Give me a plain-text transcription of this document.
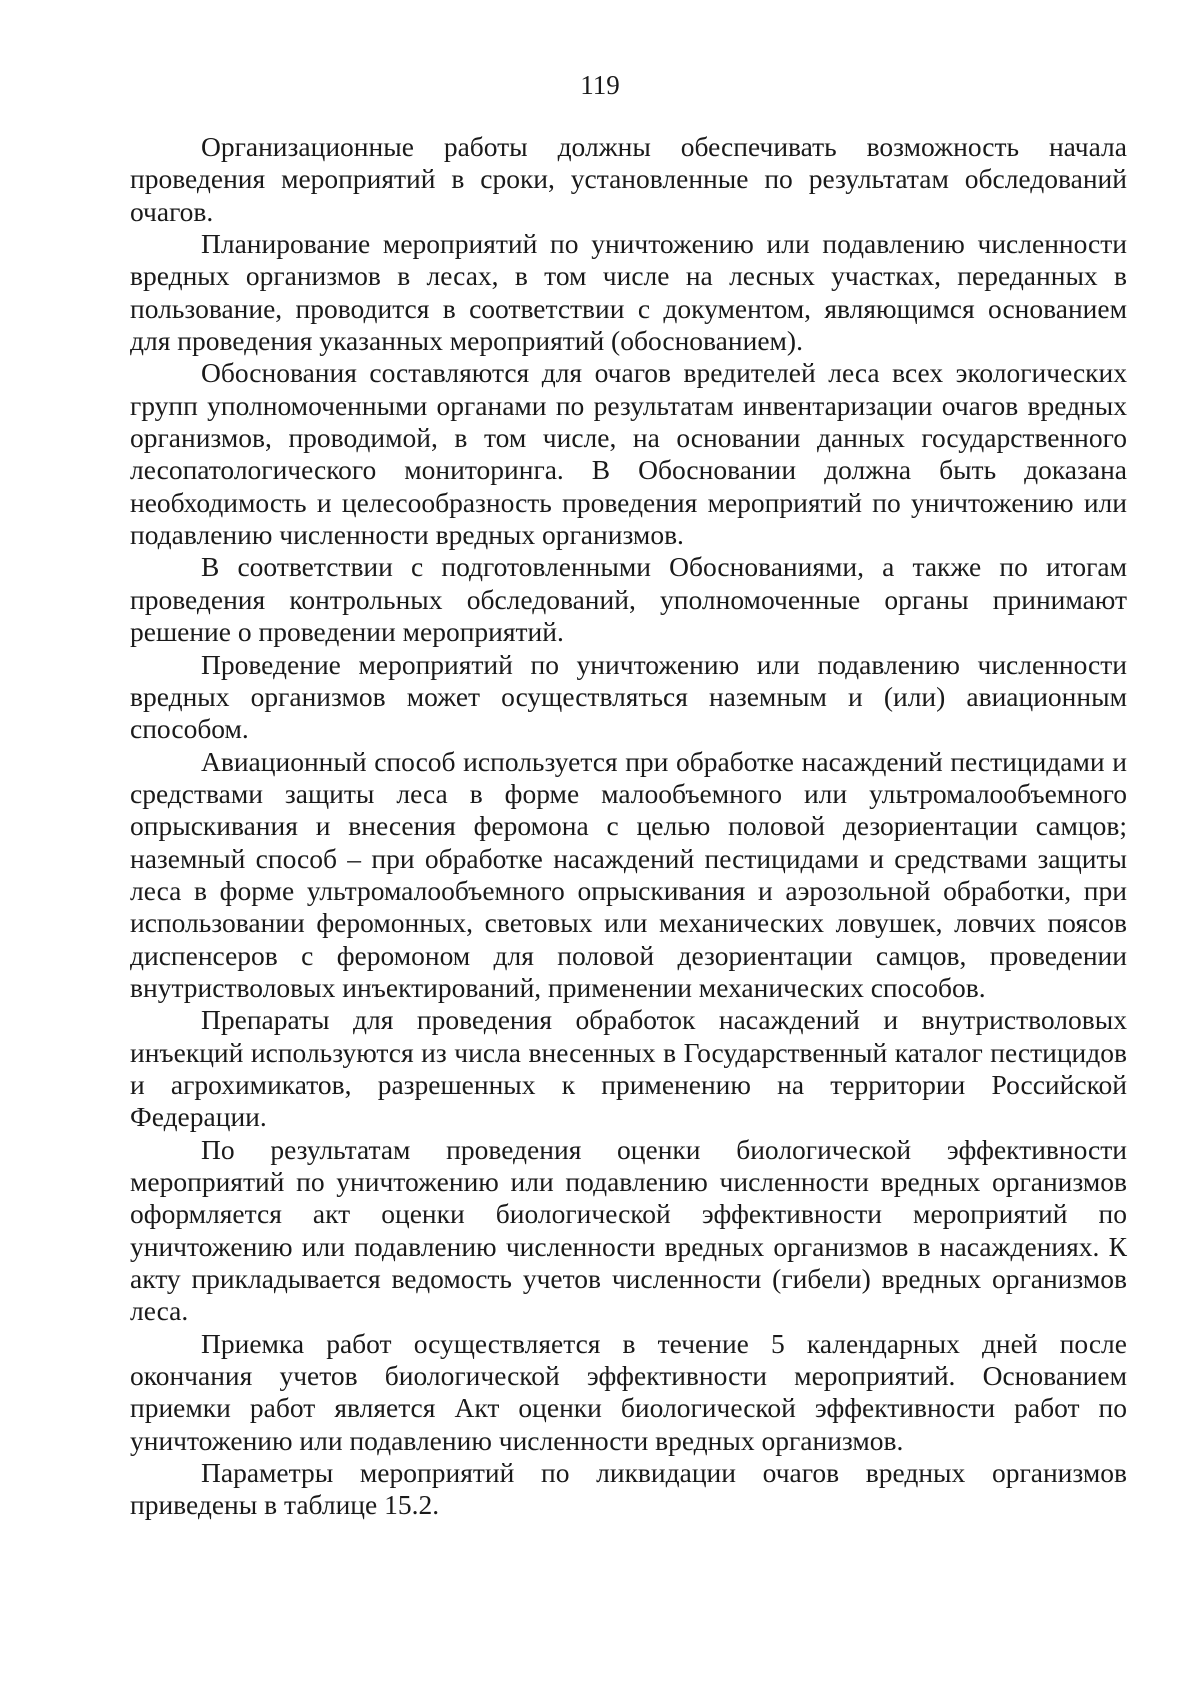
119

Организационные работы должны обеспечивать возможность начала проведения мероприятий в сроки, установленные по результатам обследований очагов.

Планирование мероприятий по уничтожению или подавлению численности вредных организмов в лесах, в том числе на лесных участках, переданных в пользование, проводится в соответствии с документом, являющимся основанием для проведения указанных мероприятий (обоснованием).

Обоснования составляются для очагов вредителей леса всех экологических групп уполномоченными органами по результатам инвентаризации очагов вредных организмов, проводимой, в том числе, на основании данных государственного лесопатологического мониторинга. В Обосновании должна быть доказана необходимость и целесообразность проведения мероприятий по уничтожению или подавлению численности вредных организмов.

В соответствии с подготовленными Обоснованиями, а также по итогам проведения контрольных обследований, уполномоченные органы принимают решение о проведении мероприятий.

Проведение мероприятий по уничтожению или подавлению численности вредных организмов может осуществляться наземным и (или) авиационным способом.

Авиационный способ используется при обработке насаждений пестицидами и средствами защиты леса в форме малообъемного или ультромалообъемного опрыскивания и внесения феромона с целью половой дезориентации самцов; наземный способ – при обработке насаждений пестицидами и средствами защиты леса в форме ультромалообъемного опрыскивания и аэрозольной обработки, при использовании феромонных, световых или механических ловушек, ловчих поясов диспенсеров с феромоном для половой дезориентации самцов, проведении внутристволовых инъектирований, применении механических способов.

Препараты для проведения обработок насаждений и внутристволовых инъекций используются из числа внесенных в Государственный каталог пестицидов и агрохимикатов, разрешенных к применению на территории Российской Федерации.

По результатам проведения оценки биологической эффективности мероприятий по уничтожению или подавлению численности вредных организмов оформляется акт оценки биологической эффективности мероприятий по уничтожению или подавлению численности вредных организмов в насаждениях. К акту прикладывается ведомость учетов численности (гибели) вредных организмов леса.

Приемка работ осуществляется в течение 5 календарных дней после окончания учетов биологической эффективности мероприятий. Основанием приемки работ является Акт оценки биологической эффективности работ по уничтожению или подавлению численности вредных организмов.

Параметры мероприятий по ликвидации очагов вредных организмов приведены в таблице 15.2.
